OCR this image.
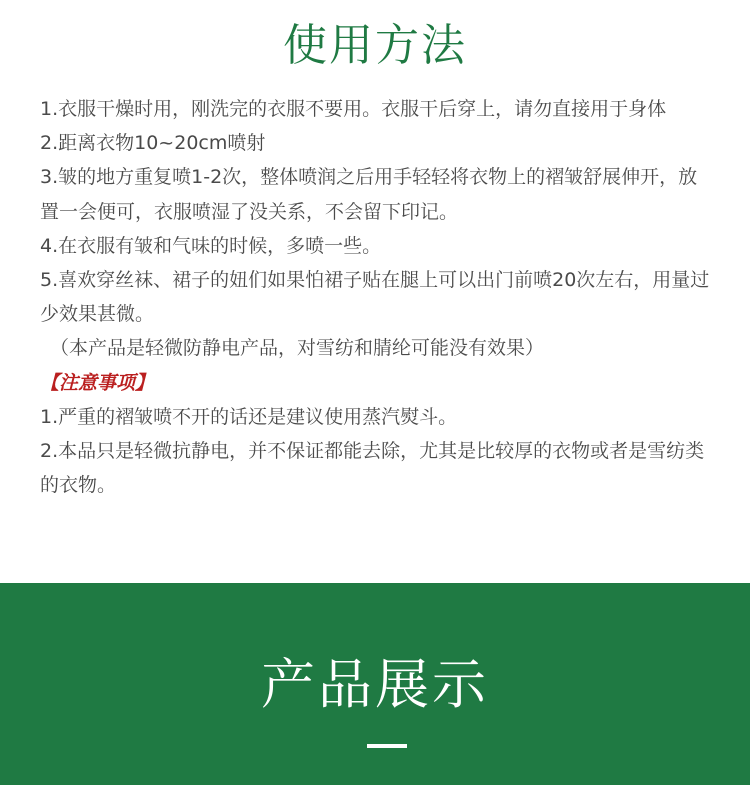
使用方法

1.衣服干燥时用，刚洗完的衣服不要用。衣服干后穿上，请勿直接用于身体

2.距离衣物10~20cm喷射

3.皱的地方重复喷1-2次，整体喷润之后用手轻轻将衣物上的褶皱舒展伸开，放置一会便可，衣服喷湿了没关系，不会留下印记。

4.在衣服有皱和气味的时候，多喷一些。

5.喜欢穿丝袜、裙子的妞们如果怕裙子贴在腿上可以出门前喷20次左右，用量过少效果甚微。

（本产品是轻微防静电产品，对雪纺和腈纶可能没有效果）

【注意事项】

1.严重的褶皱喷不开的话还是建议使用蒸汽熨斗。

2.本品只是轻微抗静电，并不保证都能去除，尤其是比较厚的衣物或者是雪纺类的衣物。

产品展示
